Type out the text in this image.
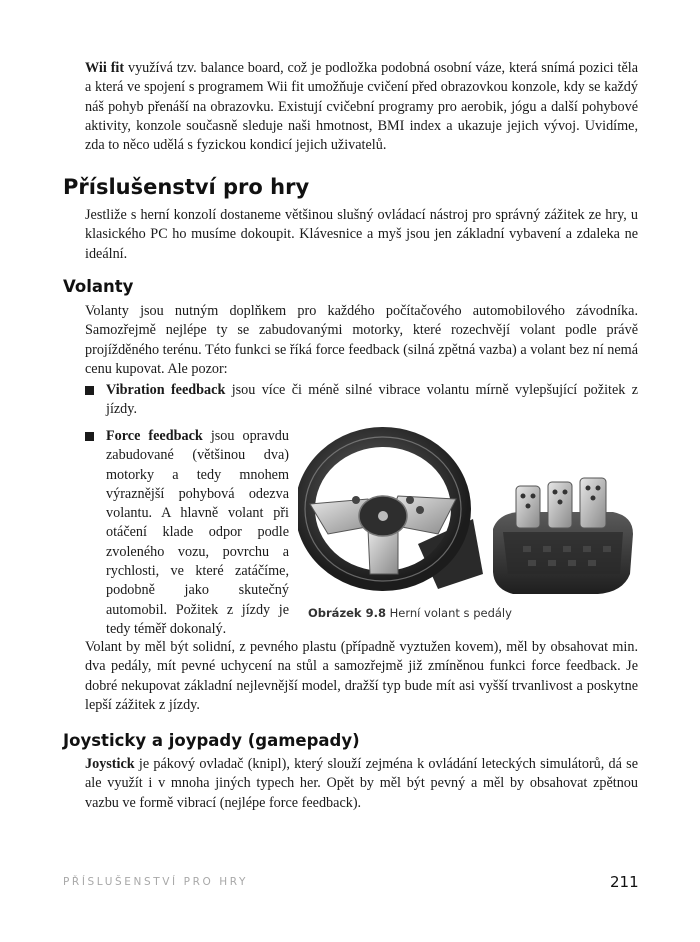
Wii fit využívá tzv. balance board, což je podložka podobná osobní váze, která snímá pozici těla a která ve spojení s programem Wii fit umožňuje cvičení před obrazovkou konzole, kdy se každý náš pohyb přenáší na obrazovku. Existují cvičební programy pro aerobik, jógu a další pohybové aktivity, konzole současně sleduje naši hmotnost, BMI index a ukazuje jejich vývoj. Uvidíme, zda to něco udělá s fyzickou kondicí jejich uživatelů.

Příslušenství pro hry

Jestliže s herní konzolí dostaneme většinou slušný ovládací nástroj pro správný zážitek ze hry, u klasického PC ho musíme dokoupit. Klávesnice a myš jsou jen základní vybavení a zdaleka ne ideální.

Volanty

Volanty jsou nutným doplňkem pro každého počítačového automobilového závodníka. Samozřejmě nejlépe ty se zabudovanými motorky, které rozechvějí volant podle právě projížděného terénu. Této funkci se říká force feedback (silná zpětná vazba) a volant bez ní nemá cenu kupovat. Ale pozor:

Vibration feedback jsou více či méně silné vibrace volantu mírně vylepšující požitek z jízdy.
Force feedback jsou opravdu zabudované (většinou dva) motorky a tedy mnohem výraznější pohybová odezva volantu. A hlavně volant při otáčení klade odpor podle zvoleného vozu, povrchu a rychlosti, ve které zatáčíme, podobně jako skutečný automobil. Požitek z jízdy je tedy téměř dokonalý.
Obrázek 9.8 Herní volant s pedály

Volant by měl být solidní, z pevného plastu (případně vyztužen kovem), měl by obsahovat min. dva pedály, mít pevné uchycení na stůl a samozřejmě již zmíněnou funkci force feedback. Je dobré nekupovat základní nejlevnější model, dražší typ bude mít asi vyšší trvanlivost a poskytne lepší zážitek z jízdy.

Joysticky a joypady (gamepady)

Joystick je pákový ovladač (knipl), který slouží zejména k ovládání leteckých simulátorů, dá se ale využít i v mnoha jiných typech her. Opět by měl být pevný a měl by obsahovat zpětnou vazbu ve formě vibrací (nejlépe force feedback).

PŘÍSLUŠENSTVÍ PRO HRY	211
